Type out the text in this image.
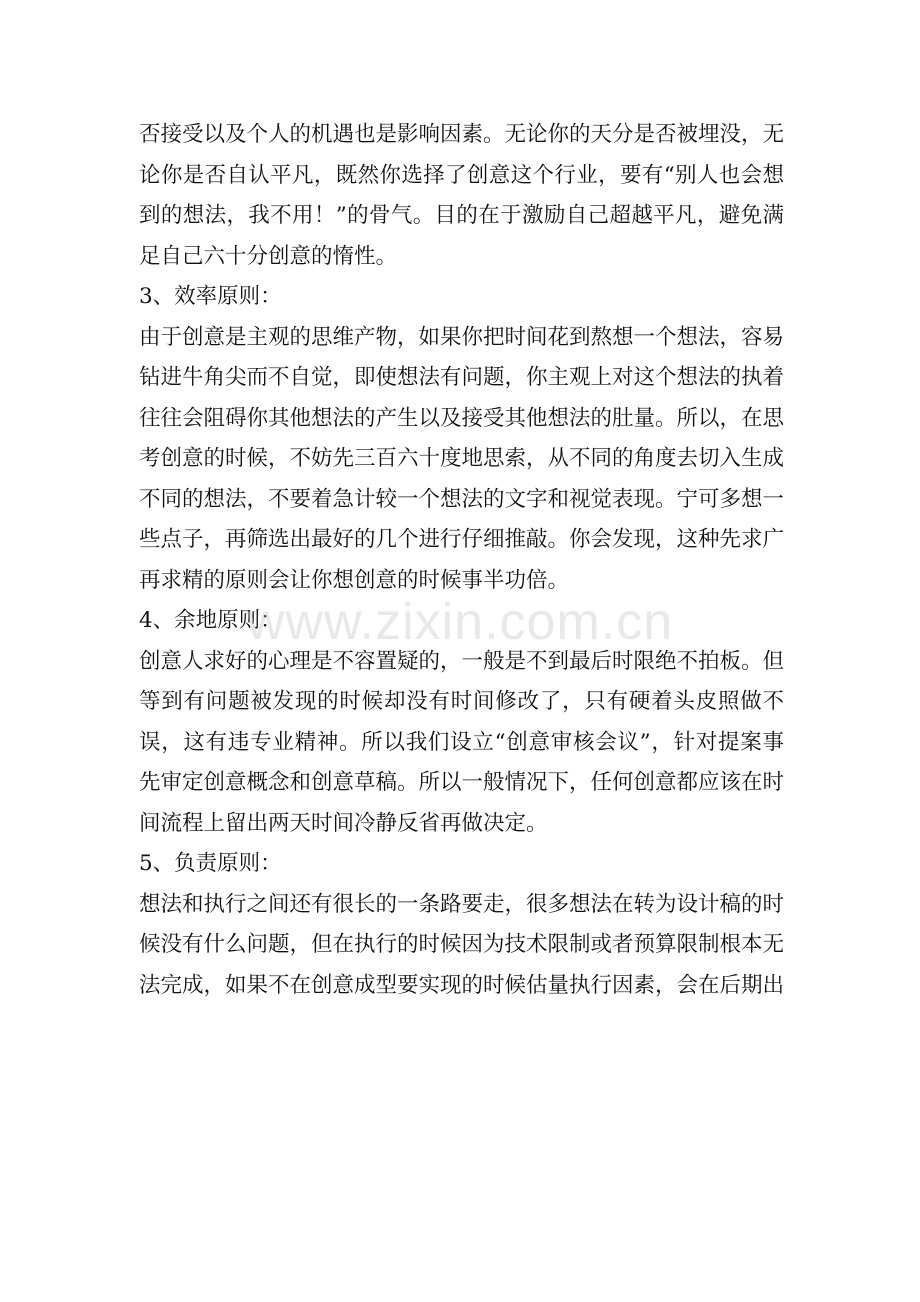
否接受以及个人的机遇也是影响因素。无论你的天分是否被埋没，无论你是否自认平凡，既然你选择了创意这个行业，要有“别人也会想到的想法，我不用！”的骨气。目的在于激励自己超越平凡，避免满足自己六十分创意的惰性。

3、效率原则：

由于创意是主观的思维产物，如果你把时间花到熬想一个想法，容易钻进牛角尖而不自觉，即使想法有问题，你主观上对这个想法的执着往往会阻碍你其他想法的产生以及接受其他想法的肚量。所以，在思考创意的时候，不妨先三百六十度地思索，从不同的角度去切入生成不同的想法，不要着急计较一个想法的文字和视觉表现。宁可多想一些点子，再筛选出最好的几个进行仔细推敲。你会发现，这种先求广再求精的原则会让你想创意的时候事半功倍。

4、余地原则：

创意人求好的心理是不容置疑的，一般是不到最后时限绝不拍板。但等到有问题被发现的时候却没有时间修改了，只有硬着头皮照做不误，这有违专业精神。所以我们设立“创意审核会议”，针对提案事先审定创意概念和创意草稿。所以一般情况下，任何创意都应该在时间流程上留出两天时间冷静反省再做决定。

5、负责原则：

想法和执行之间还有很长的一条路要走，很多想法在转为设计稿的时候没有什么问题，但在执行的时候因为技术限制或者预算限制根本无法完成，如果不在创意成型要实现的时候估量执行因素，会在后期出

www.zixin.com.cn
